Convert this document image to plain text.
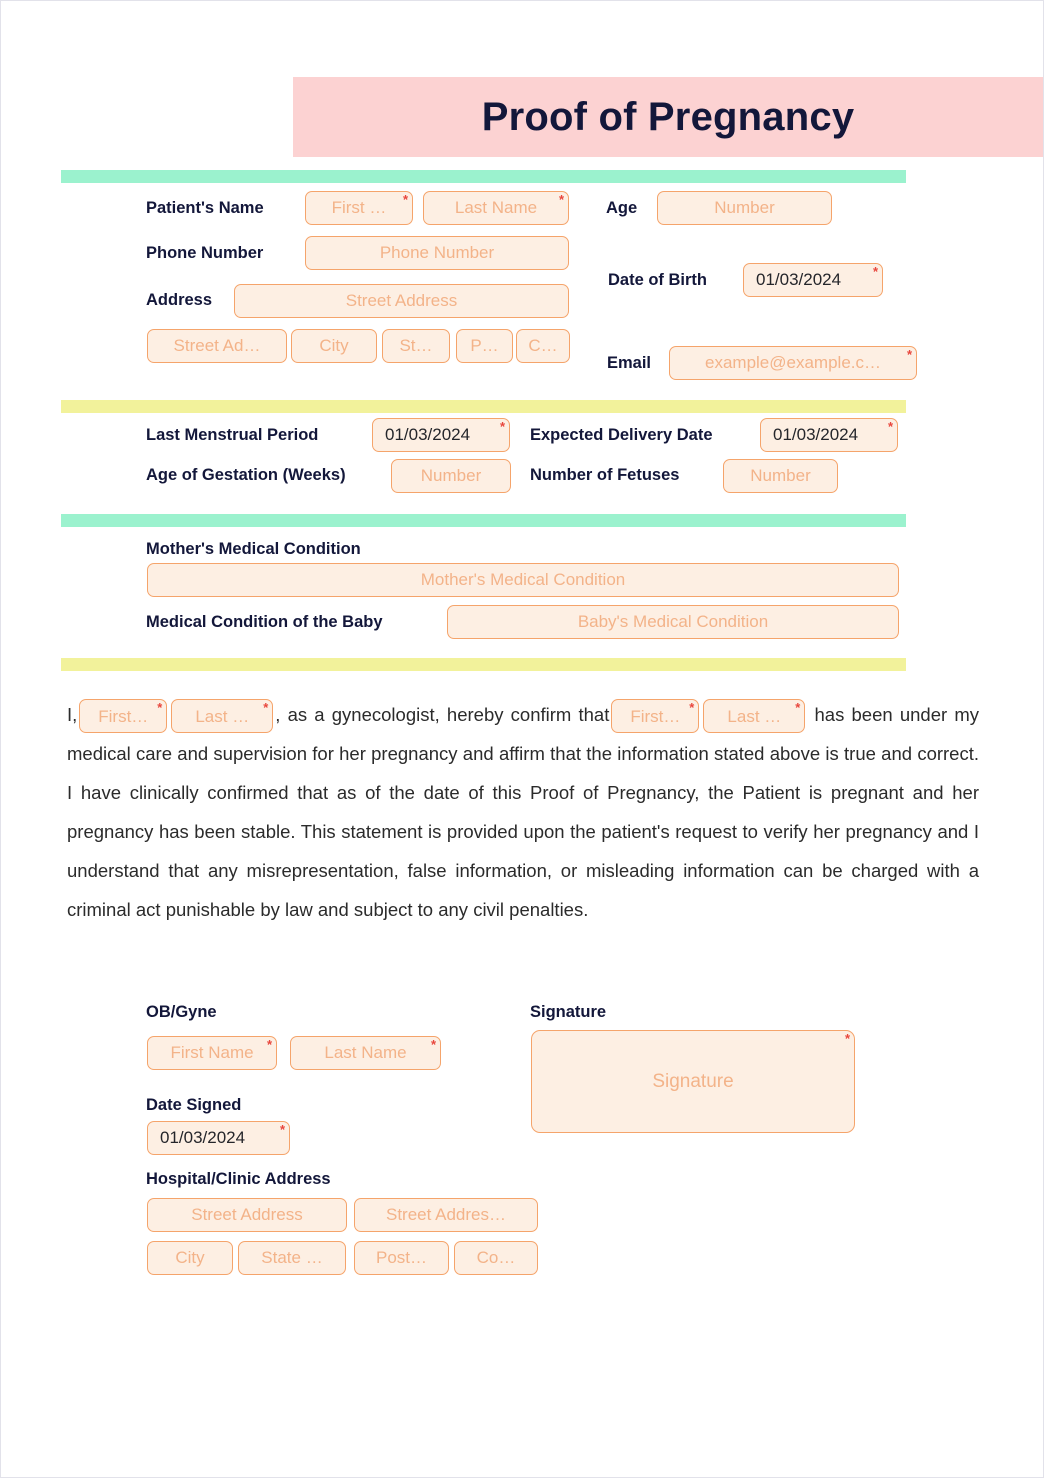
Proof of Pregnancy
Patient's Name	First …	*	Last Name	*	Age	Number
Phone Number	Phone Number
Date of Birth	01/03/2024	*
Address	Street Address
Street Ad…	City	St…	P…	C…
Email	example@example.c…	*
Last Menstrual Period	01/03/2024	* Expected Delivery Date	01/03/2024	*
Age of Gestation (Weeks)	Number	Number of Fetuses	Number
Mother's Medical Condition
Mother's Medical Condition
Medical Condition of the Baby	Baby's Medical Condition
I,	First… *	Last …	* , as a gynecologist, hereby confirm that	First… *	Last …	* has been under my medical care and supervision for her pregnancy and affirm that the information stated above is true and correct. I have clinically confirmed that as of the date of this Proof of Pregnancy, the Patient is pregnant and her pregnancy has been stable. This statement is provided upon the patient's request to verify her pregnancy and I understand that any misrepresentation, false information, or misleading information can be charged with a criminal act punishable by law and subject to any civil penalties.
OB/Gyne
First Name	*	Last Name	*
Date Signed
01/03/2024	*
Signature
Signature
*
Hospital/Clinic Address
Street Address	Street Addres…
City	State …	Post…	Co…
